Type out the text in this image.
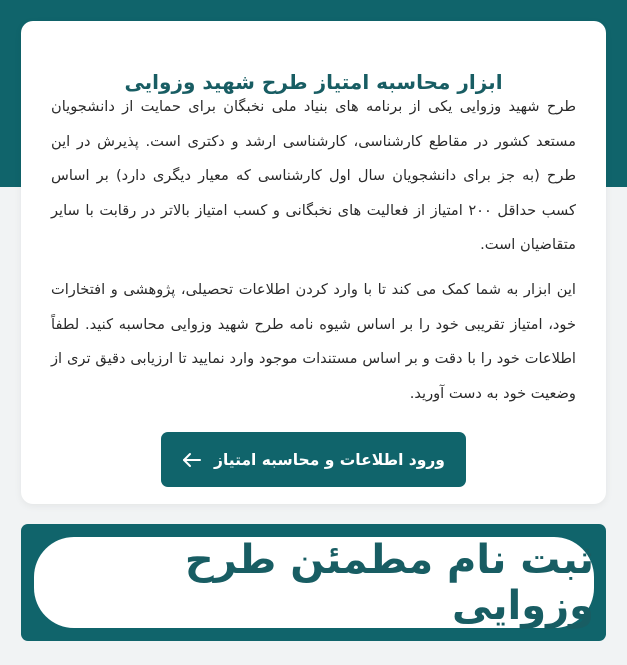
ابزار محاسبه امتیاز طرح شهید وزوایی

طرح شهید وزوایی یکی از برنامه های بنیاد ملی نخبگان برای حمایت از دانشجویان مستعد کشور در مقاطع کارشناسی، کارشناسی ارشد و دکتری است. پذیرش در این طرح (به جز برای دانشجویان سال اول کارشناسی که معیار دیگری دارد) بر اساس کسب حداقل ۲۰۰ امتیاز از فعالیت های نخبگانی و کسب امتیاز بالاتر در رقابت با سایر متقاضیان است.

این ابزار به شما کمک می کند تا با وارد کردن اطلاعات تحصیلی، پژوهشی و افتخارات خود، امتیاز تقریبی خود را بر اساس شیوه نامه طرح شهید وزوایی محاسبه کنید. لطفاً اطلاعات خود را با دقت و بر اساس مستندات موجود وارد نمایید تا ارزیابی دقیق تری از وضعیت خود به دست آورید.

ورود اطلاعات و محاسبه امتیاز
ثبت نام مطمئن طرح وزوایی
